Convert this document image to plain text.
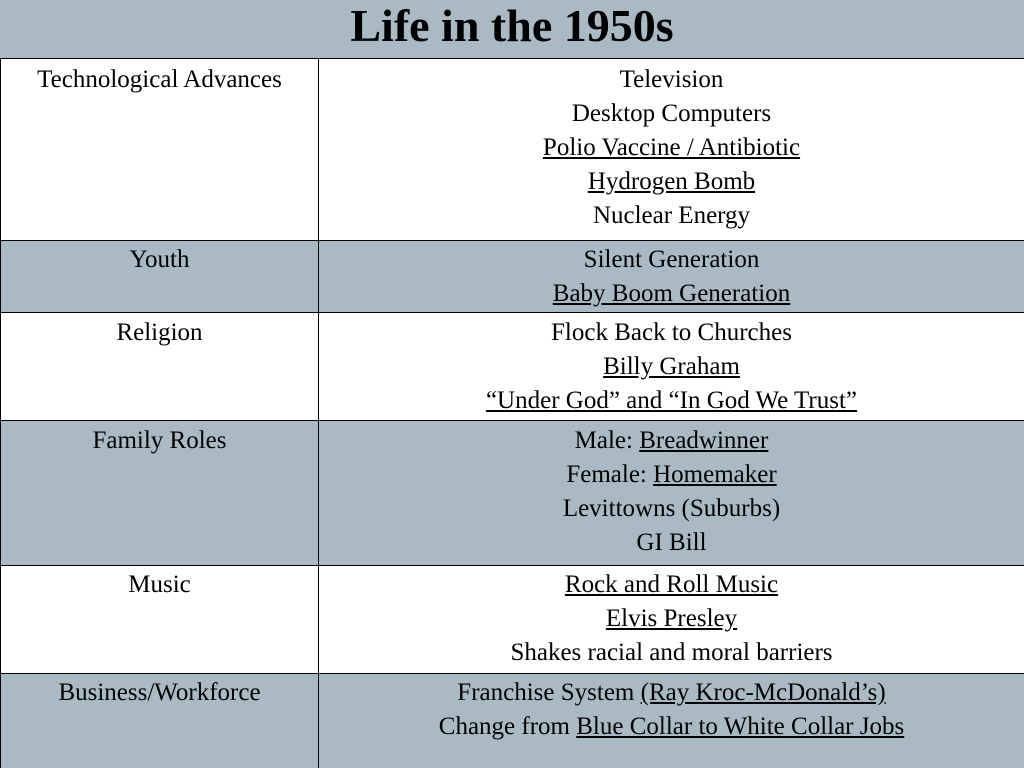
Life in the 1950s
Technological Advances	Television
Desktop Computers
Polio Vaccine / Antibiotic
Hydrogen Bomb
Nuclear Energy

Youth	Silent Generation
Baby Boom Generation

Religion	Flock Back to Churches
Billy Graham
“Under God” and “In God We Trust”

Family Roles	Male: Breadwinner
Female: Homemaker
Levittowns (Suburbs)
GI Bill

Music	Rock and Roll Music
Elvis Presley
Shakes racial and moral barriers

Business/Workforce	Franchise System (Ray Kroc-McDonald’s)
Change from Blue Collar to White Collar Jobs
